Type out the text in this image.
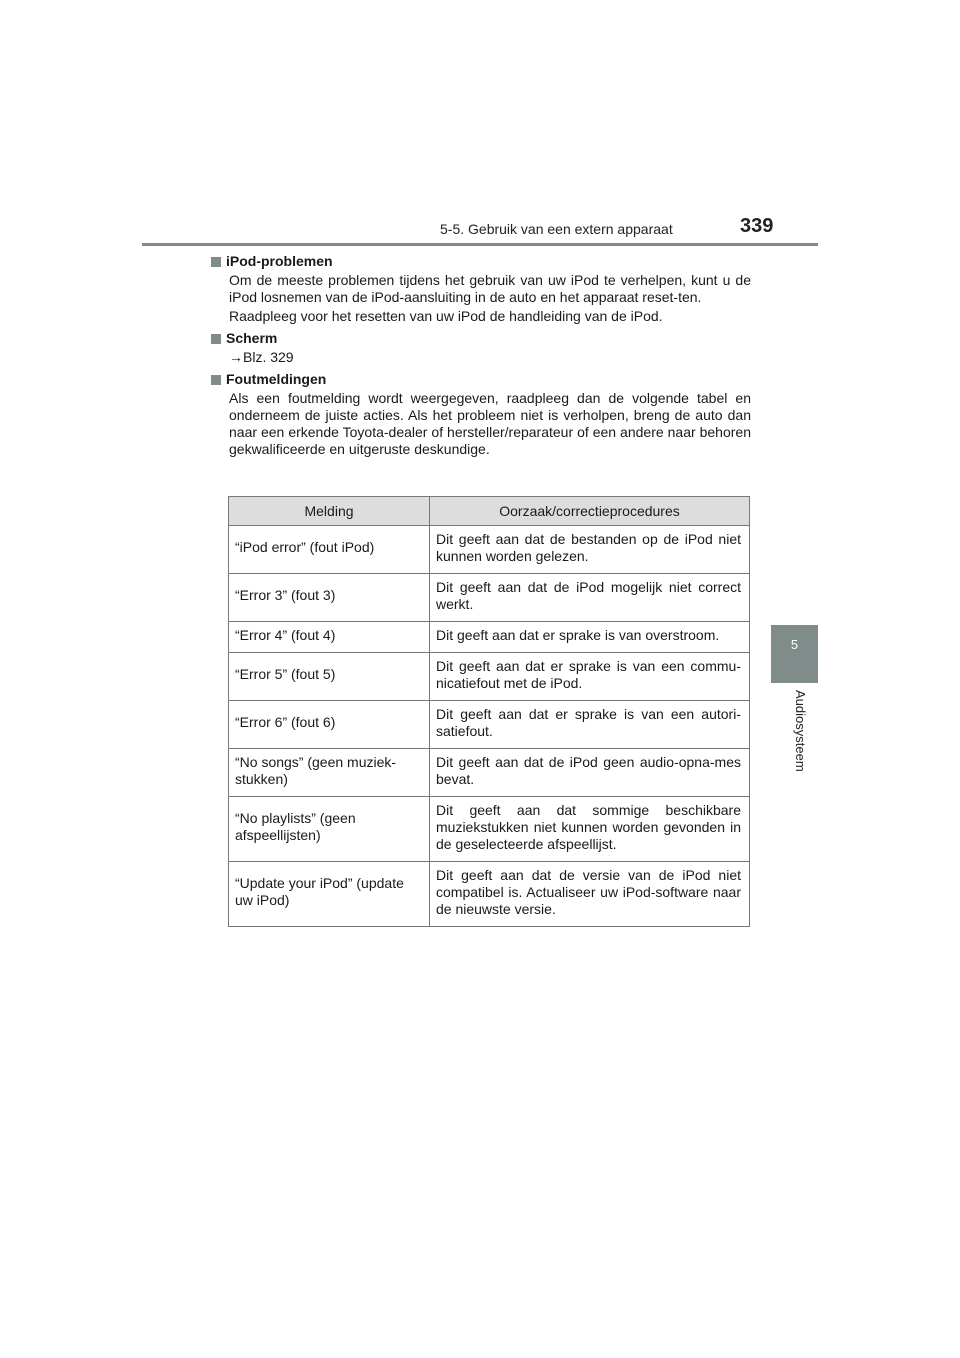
5-5. Gebruik van een extern apparaat	339
5
Audiosysteem
iPod-problemen

Om de meeste problemen tijdens het gebruik van uw iPod te verhelpen, kunt u de iPod losnemen van de iPod-aansluiting in de auto en het apparaat reset-ten.

Raadpleeg voor het resetten van uw iPod de handleiding van de iPod.

Scherm

→Blz. 329

Foutmeldingen

Als een foutmelding wordt weergegeven, raadpleeg dan de volgende tabel en onderneem de juiste acties. Als het probleem niet is verholpen, breng de auto dan naar een erkende Toyota-dealer of hersteller/reparateur of een andere naar behoren gekwalificeerde en uitgeruste deskundige.

Melding	Oorzaak/correctieprocedures
“iPod error” (fout iPod)	Dit geeft aan dat de bestanden op de iPod niet kunnen worden gelezen.
“Error 3” (fout 3)	Dit geeft aan dat de iPod mogelijk niet correct werkt.
“Error 4” (fout 4)	Dit geeft aan dat er sprake is van overstroom.
“Error 5” (fout 5)	Dit geeft aan dat er sprake is van een commu-nicatiefout met de iPod.
“Error 6” (fout 6)	Dit geeft aan dat er sprake is van een autori-satiefout.
“No songs” (geen muziek-stukken)	Dit geeft aan dat de iPod geen audio-opna-mes bevat.
“No playlists” (geen afspeellijsten)	Dit geeft aan dat sommige beschikbare muziekstukken niet kunnen worden gevonden in de geselecteerde afspeellijst.
“Update your iPod” (update uw iPod)	Dit geeft aan dat de versie van de iPod niet compatibel is. Actualiseer uw iPod-software naar de nieuwste versie.
